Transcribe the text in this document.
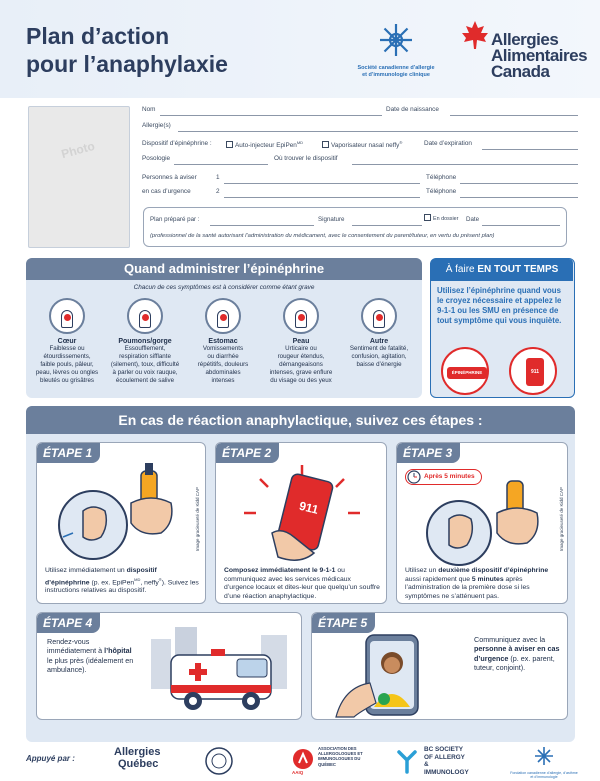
Plan d’action
pour l’anaphylaxie	Société canadienne d’allergie
et d’immunologie clinique
Allergies
Alimentaires
Canada
Photo
Nom	Date de naissance
Allergie(s)
Dispositif d’épinéphrine :	Auto-injecteur EpiPen$^{MD}$	Vaporisateur nasal neffy®	Date d’expiration
Posologie	Où trouver le dispositif
Personnes à aviser
en cas d’urgence
1	Téléphone
2	Téléphone
Plan préparé par :	Signature	En dossier Date
(professionnel de la santé autorisant l’administration du médicament, avec le consentement du parent/tuteur, en vertu du présent plan)
Quand administrer l’épinéphrine
Chacun de ces symptômes est à considérer comme étant grave
Cœur
Faiblesse ou
étourdissements,
faible pouls, pâleur,
peau, lèvres ou ongles
bleutés ou grisâtres
Poumons/gorge
Essoufflement,
respiration sifflante
(silement), toux, difficulté
à parler ou voix rauque,
écoulement de salive
Estomac
Vomissements
ou diarrhée
répétitifs, douleurs
abdominales
intenses
Peau
Urticaire ou
rougeur étendus,
démangeaisons
intenses, grave enflure
du visage ou des yeux
Autre
Sentiment de fatalité,
confusion, agitation,
baisse d’énergie
À faire EN TOUT TEMPS
Utilisez l’épinéphrine quand vous le croyez nécessaire et appelez le 9-1-1 ou les SMU en présence de tout symptôme qui vous inquiète.
ÉPINÉPHRINE	911
En cas de réaction anaphylactique, suivez ces étapes :
ÉTAPE 1
Image gracieuseté de Kidd CAP
Utilisez immédiatement un dispositif d’épinéphrine (p. ex. EpiPen$^{MD}$, neffy®). Suivez les instructions relatives au dispositif.
ÉTAPE 2
911
Composez immédiatement le 9-1-1 ou communiquez avec les services médicaux d’urgence locaux et dites-leur que quelqu’un souffre d’une réaction anaphylactique.
ÉTAPE 3
Après 5 minutes
Image gracieuseté de Kidd CAP
Utilisez un deuxième dispositif d’épinéphrine aussi rapidement que 5 minutes après l’administration de la première dose si les symptômes ne s’atténuent pas.
ÉTAPE 4
Rendez-vous immédiatement à l’hôpital le plus près (idéalement en ambulance).
ÉTAPE 5
Communiquez avec la personne à aviser en cas d’urgence (p. ex. parent, tuteur, conjoint).
Appuyé par :
Allergies
Québec
AAIQ
ASSOCIATION DES ALLERGOLOGUES ET IMMUNOLOGUES DU QUÉBEC
BC SOCIETY
OF ALLERGY
& IMMUNOLOGY	Fondation canadienne d’allergie, d’asthme et d’immunologie
